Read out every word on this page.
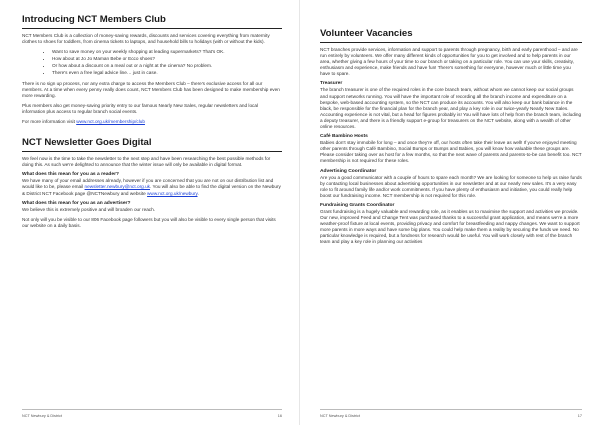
Introducing NCT Members Club

NCT Members Club is a collection of money-saving rewards, discounts and services covering everything from maternity clothes to shoes for toddlers, from cinema tickets to laptops, and household bills to holidays (with or without the kids).

• Want to save money on your weekly shopping at leading supermarkets? That's OK.
• How about at Jo Jo Maman Bebe or Ecco shoes?
• Or how about a discount on a meal out or a night at the cinema? No problem.
• There's even a free legal advice line… just in case.

There is no sign up process, nor any extra charge to access the Members Club – there's exclusive access for all our members. At a time when every penny really does count, NCT Members Club has been designed to make membership even more rewarding.

Plus members also get money-saving priority entry to our famous Nearly New Sales, regular newsletters and local information plus access to regular branch social events.

For more information visit www.nct.org.uk/membership/club

NCT Newsletter Goes Digital

We feel now is the time to take the newsletter to the next step and have been researching the best possible methods for doing this. As such we're delighted to announce that the winter issue will only be available in digital format.

What does this mean for you as a reader?

We have many of your email addresses already, however if you are concerned that you are not on our distribution list and would like to be, please email newsletter.newbury@nct.org.uk. You will also be able to find the digital version on the Newbury & District NCT Facebook page @NCTNewbury and website www.nct.org.uk/newbury.

What does this mean for you as an advertiser?

We believe this is extremely positive and will broaden our reach.

Not only will you be visible to our 806 Facebook page followers but you will also be visible to every single person that visits our website on a daily basis.

NCT Newbury & District	16
Volunteer Vacancies

NCT branches provide services, information and support to parents through pregnancy, birth and early parenthood – and are run entirely by volunteers. We offer many different kinds of opportunities for you to get involved and to help parents in our area, whether giving a few hours of your time to our branch or taking on a particular role. You can use your skills, creativity, enthusiasm and experience, make friends and have fun! There's something for everyone, however much or little time you have to spare.

Treasurer

The branch treasurer is one of the required roles in the core branch team, without whom we cannot keep our social groups and support networks running. You will have the important role of recording all the branch income and expenditure on a bespoke, web-based accounting system, so the NCT can produce its accounts. You will also keep our bank balance in the black, be responsible for the financial plan for the branch year, and play a key role in our twice-yearly Nearly New Sales. Accounting experience is not vital, but a head for figures probably is! You will have lots of help from the branch team, including a deputy treasurer, and there is a friendly support e-group for treasurers on the NCT website, along with a wealth of other online resources.

Café Bambino Hosts

Babies don't stay immobile for long – and once they're off, our hosts often take their leave as well! If you've enjoyed meeting other parents through Café Bambino, Social Bumps or Bumps and Babies, you will know how valuable these groups are. Please consider taking over as host for a few months, so that the next wave of parents and parents-to-be can benefit too. NCT membership is not required for these roles.

Advertising Coordinator

Are you a good communicator with a couple of hours to spare each month? We are looking for someone to help us raise funds by contacting local businesses about advertising opportunities in our newsletter and at our nearly new sales. It's a very easy role to fit around family life and/or work commitments. If you have plenty of enthusiasm and initiative, you could really help boost our fundraising income. NCT membership is not required for this role.

Fundraising Grants Coordinator

Grant fundraising is a hugely valuable and rewarding role, as it enables us to maximise the support and activities we provide. Our new, improved Feed and Change Tent was purchased thanks to a successful grant application, and means we're a more weather-proof fixture at local events, providing privacy and comfort for breastfeeding and nappy changes. We want to support more parents in more ways and have some big plans. You could help make them a reality by securing the funds we need. No particular knowledge is required, but a fondness for research would be useful. You will work closely with rest of the branch team and play a key role in planning our activities

NCT Newbury & District	17
